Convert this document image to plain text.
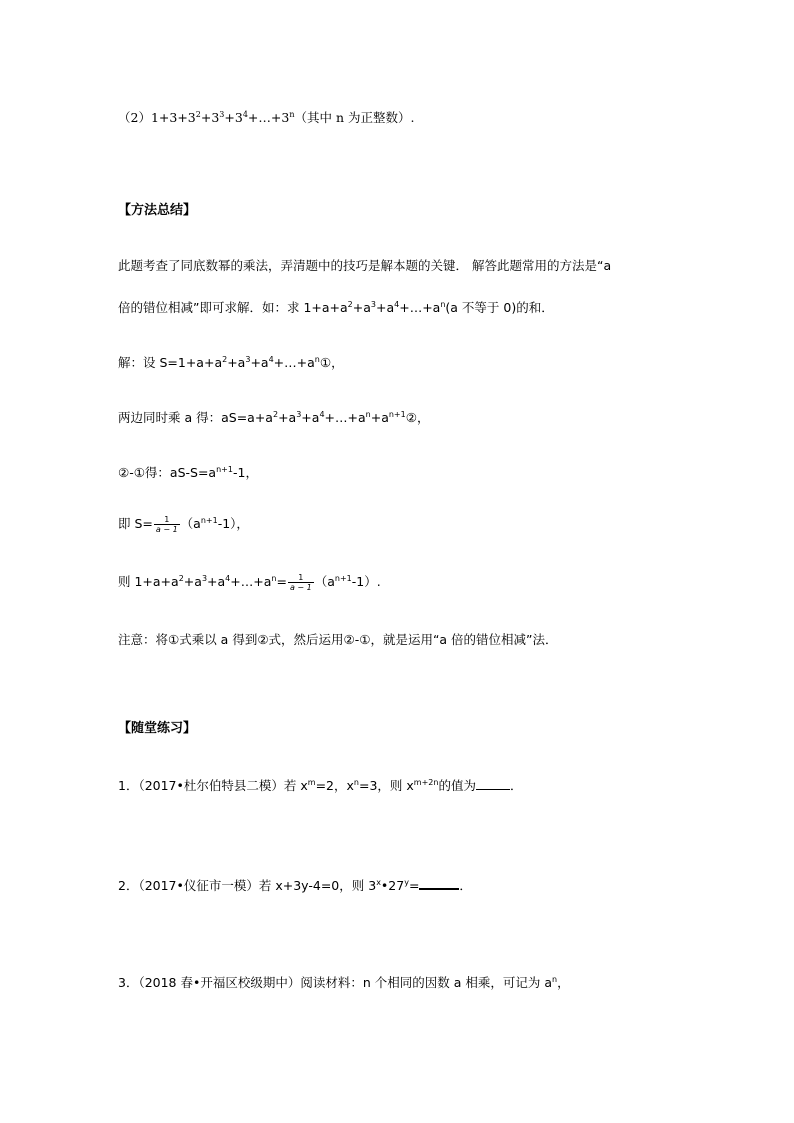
$(2)1+3+3^2+3^3+3^4+\dots+3^n$（其中 n 为正整数）.
【方法总结】
此题考查了同底数幂的乘法，弄清题中的技巧是解本题的关键． 解答此题常用的方法是“a
倍的错位相减”即可求解．如：求 $1+a+a^2+a^3+a^4+\dots+a^n(a$ 不等于 0)的和．
解：设 $S=1+a+a^2+a^3+a^4+\dots+a^n①$，
两边同时乘 a 得：$aS=a+a^2+a^3+a^4+\dots+a^n+a^{n+1}②$，
②-①得：$aS-S=a^{n+1}-1$，
即 $S= \frac{1}{a - 1} (a^{n+1}-1)$，
则 $1+a+a^2+a^3+a^4+\dots+a^n= \frac{1}{a - 1} (a^{n+1}-1)$.
注意：将①式乘以 a 得到②式，然后运用②-①，就是运用“a 倍的错位相减”法．
【随堂练习】
1．（2017•杜尔伯特县二模）若 $x^m=2$，$x^n=3$，则 $x^{m+2n}$的值为	．
2．（2017•仪征市一模）若 x+3y-4=0，则 $3^x•27^y=$	．
3．（2018 春•开福区校级期中）阅读材料：n 个相同的因数 a 相乘，可记为 $a^n$，
